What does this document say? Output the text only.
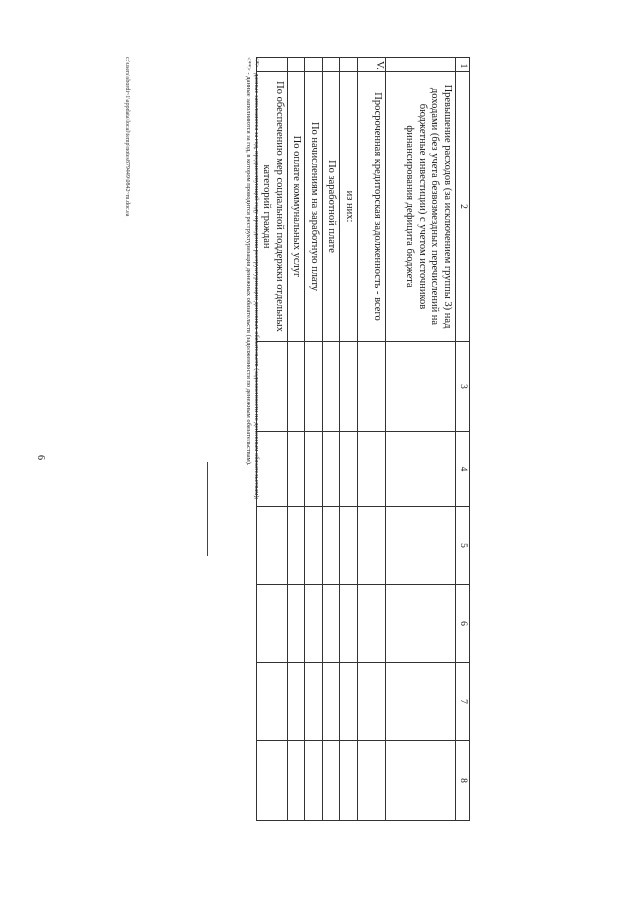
6
1	2	3	4	5	6	7	8
	Превышение расходов (за исключением группы 3) над доходами (без учета безвозмездных перечислений на бюджетные инвестиции) с учетом источников финансирования дефицита бюджета						
V.	Просроченная кредиторская задолженность - всего						
	из них:						
	По заработной плате						
	По начислениям на заработную плату						
	По оплате коммунальных услуг						
	По обеспечению мер социальной поддержки отдельных категорий граждан						
<*> - данные заполняются за год, предшествующий году проведения реструктуризации денежных обязательств (задолженности по денежным обязательствам);
<**> - данные заполняются за год, в котором проводится реструктуризация денежных обязательств (задолженности по денежным обязательствам).
c:\users\sbordi~1\appdata\local\temp\notes879449\0842~m.doc.ea
